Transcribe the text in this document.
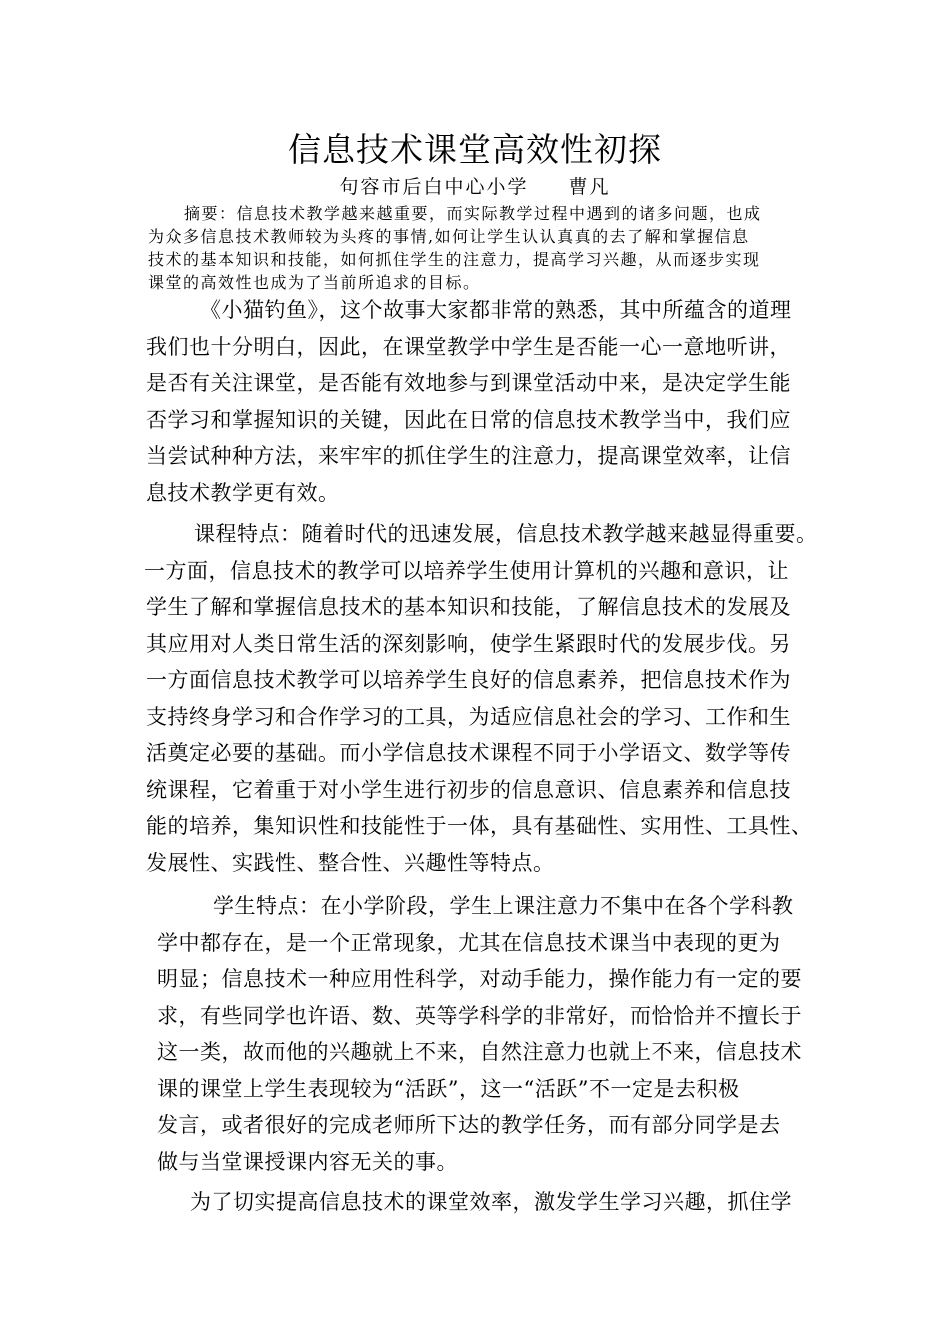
信息技术课堂高效性初探
句容市后白中心小学 曹凡
摘要：信息技术教学越来越重要，而实际教学过程中遇到的诸多问题，也成
为众多信息技术教师较为头疼的事情,如何让学生认认真真的去了解和掌握信息
技术的基本知识和技能，如何抓住学生的注意力，提高学习兴趣，从而逐步实现
课堂的高效性也成为了当前所追求的目标。
《小猫钓鱼》，这个故事大家都非常的熟悉，其中所蕴含的道理
我们也十分明白，因此，在课堂教学中学生是否能一心一意地听讲，
是否有关注课堂，是否能有效地参与到课堂活动中来，是决定学生能
否学习和掌握知识的关键，因此在日常的信息技术教学当中，我们应
当尝试种种方法，来牢牢的抓住学生的注意力，提高课堂效率，让信
息技术教学更有效。
课程特点：随着时代的迅速发展，信息技术教学越来越显得重要。
一方面，信息技术的教学可以培养学生使用计算机的兴趣和意识，让
学生了解和掌握信息技术的基本知识和技能，了解信息技术的发展及
其应用对人类日常生活的深刻影响，使学生紧跟时代的发展步伐。另
一方面信息技术教学可以培养学生良好的信息素养，把信息技术作为
支持终身学习和合作学习的工具，为适应信息社会的学习、工作和生
活奠定必要的基础。而小学信息技术课程不同于小学语文、数学等传
统课程，它着重于对小学生进行初步的信息意识、信息素养和信息技
能的培养，集知识性和技能性于一体，具有基础性、实用性、工具性、
发展性、实践性、整合性、兴趣性等特点。
学生特点：在小学阶段，学生上课注意力不集中在各个学科教
学中都存在，是一个正常现象，尤其在信息技术课当中表现的更为
明显；信息技术一种应用性科学，对动手能力，操作能力有一定的要
求，有些同学也许语、数、英等学科学的非常好，而恰恰并不擅长于
这一类，故而他的兴趣就上不来，自然注意力也就上不来，信息技术
课的课堂上学生表现较为“活跃”，这一“活跃”不一定是去积极
发言，或者很好的完成老师所下达的教学任务，而有部分同学是去
做与当堂课授课内容无关的事。
为了切实提高信息技术的课堂效率，激发学生学习兴趣，抓住学
